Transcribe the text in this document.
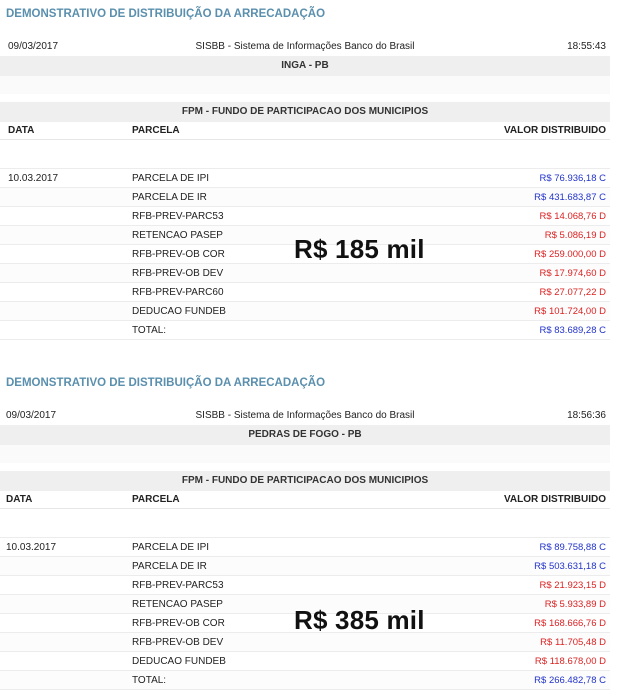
DEMONSTRATIVO DE DISTRIBUIÇÃO DA ARRECADAÇÃO
09/03/2017	SISBB - Sistema de Informações Banco do Brasil	18:55:43
INGA - PB
FPM - FUNDO DE PARTICIPACAO DOS MUNICIPIOS
DATA	PARCELA	VALOR DISTRIBUIDO
10.03.2017	PARCELA DE IPI	R$ 76.936,18 C
PARCELA DE IR	R$ 431.683,87 C
RFB-PREV-PARC53	R$ 14.068,76 D
RETENCAO PASEP	R$ 5.086,19 D
RFB-PREV-OB COR	R$ 259.000,00 D
RFB-PREV-OB DEV	R$ 17.974,60 D
RFB-PREV-PARC60	R$ 27.077,22 D
DEDUCAO FUNDEB	R$ 101.724,00 D
TOTAL:	R$ 83.689,28 C
R$ 185 mil
DEMONSTRATIVO DE DISTRIBUIÇÃO DA ARRECADAÇÃO
09/03/2017	SISBB - Sistema de Informações Banco do Brasil	18:56:36
PEDRAS DE FOGO - PB
FPM - FUNDO DE PARTICIPACAO DOS MUNICIPIOS
DATA	PARCELA	VALOR DISTRIBUIDO
10.03.2017	PARCELA DE IPI	R$ 89.758,88 C
PARCELA DE IR	R$ 503.631,18 C
RFB-PREV-PARC53	R$ 21.923,15 D
RETENCAO PASEP	R$ 5.933,89 D
RFB-PREV-OB COR	R$ 168.666,76 D
RFB-PREV-OB DEV	R$ 11.705,48 D
DEDUCAO FUNDEB	R$ 118.678,00 D
TOTAL:	R$ 266.482,78 C
R$ 385 mil
